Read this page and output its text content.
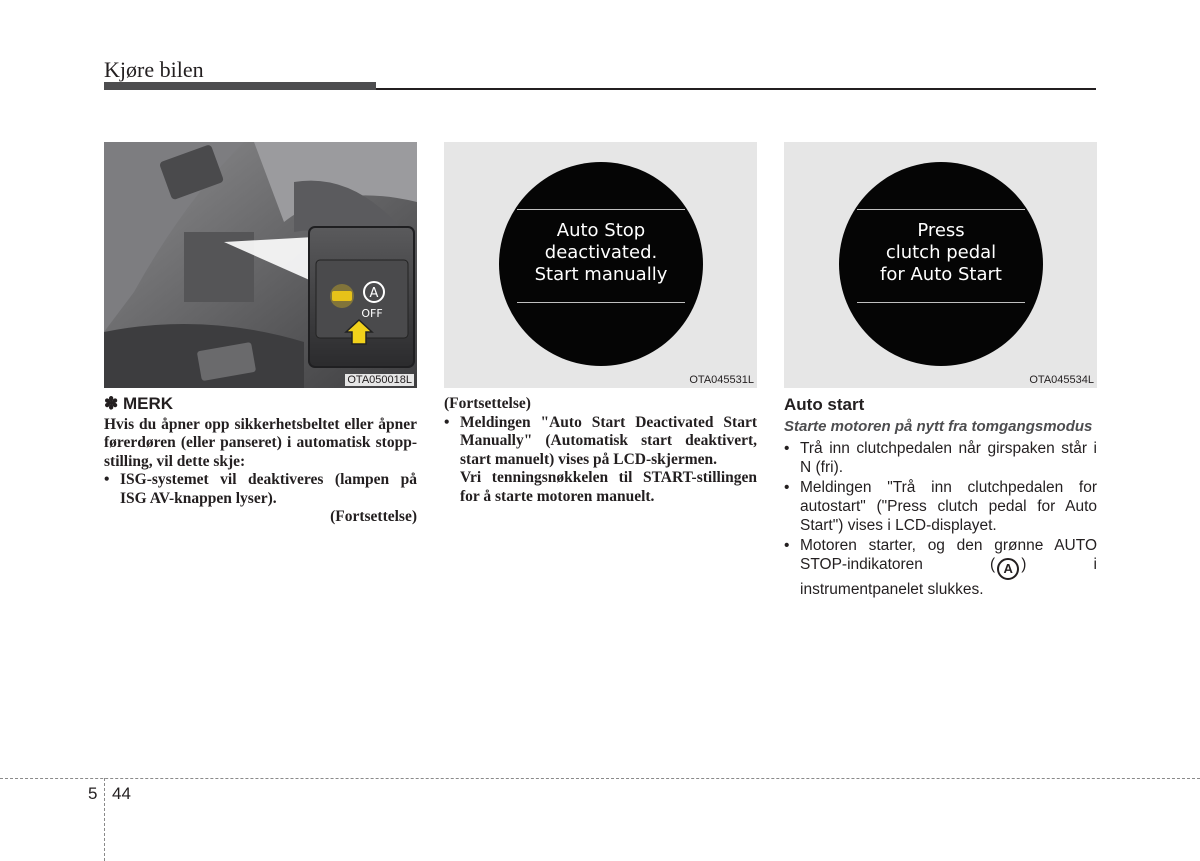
Kjøre bilen
A
OFF
OTA050018L
Auto Stop
deactivated.
Start manually
OTA045531L
Press
clutch pedal
for Auto Start
OTA045534L
✽ MERK
Hvis du åpner opp sikkerhetsbeltet eller åpner førerdøren (eller panseret) i automatisk stopp-stilling, vil dette skje:
• ISG-systemet vil deaktiveres (lampen på ISG AV-knappen lyser).
(Fortsettelse)
(Fortsettelse)
• Meldingen "Auto Start Deactivated Start Manually" (Automatisk start deaktivert, start manuelt) vises på LCD-skjermen.
Vri tenningsnøkkelen til START-stillingen for å starte motoren manuelt.
Auto start
Starte motoren på nytt fra tomgangsmodus
• Trå inn clutchpedalen når girspaken står i N (fri).
• Meldingen "Trå inn clutchpedalen for autostart" ("Press clutch pedal for Auto Start") vises i LCD-displayet.
• Motoren starter, og den grønne AUTO STOP-indikatoren ( A ) i instrumentpanelet slukkes.
5 44
